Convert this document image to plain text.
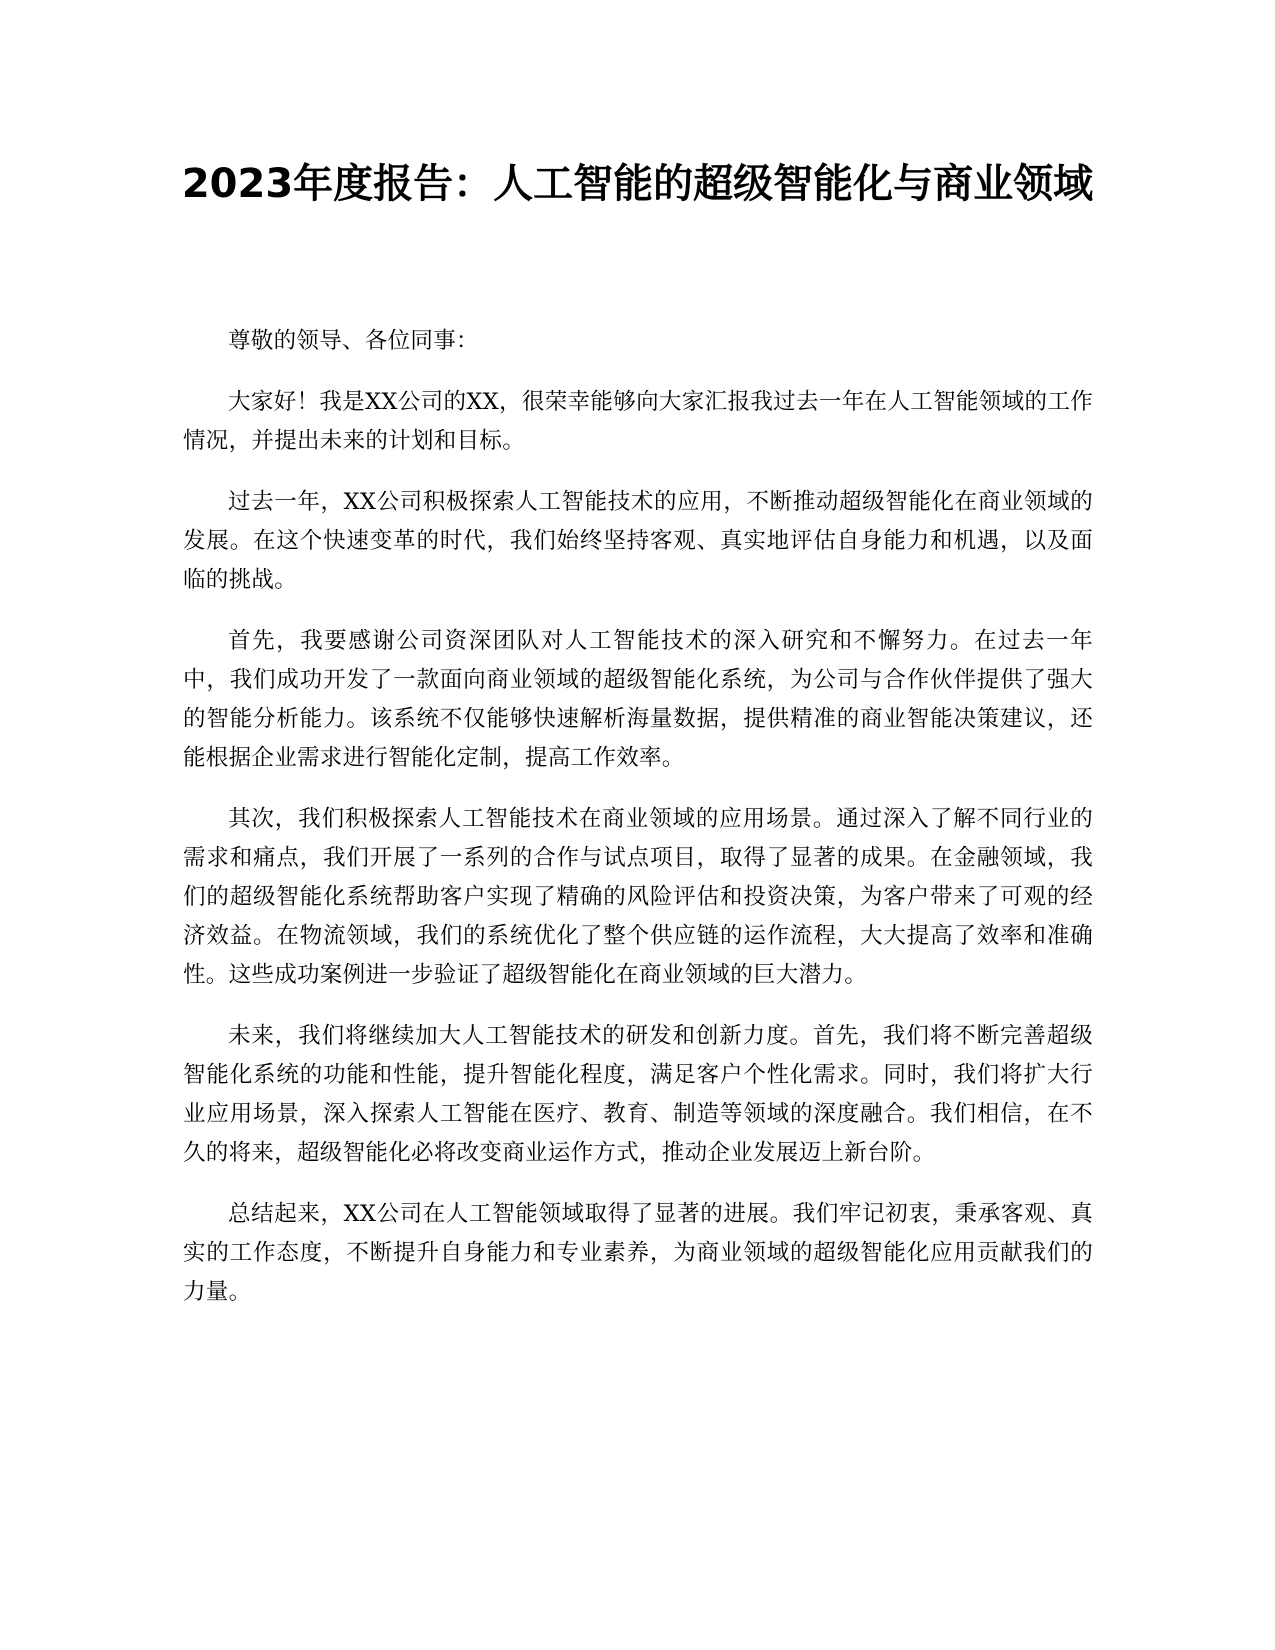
2023年度报告：人工智能的超级智能化与商业领域

尊敬的领导、各位同事：

大家好！我是XX公司的XX，很荣幸能够向大家汇报我过去一年在人工智能领域的工作情况，并提出未来的计划和目标。

过去一年，XX公司积极探索人工智能技术的应用，不断推动超级智能化在商业领域的发展。在这个快速变革的时代，我们始终坚持客观、真实地评估自身能力和机遇，以及面临的挑战。

首先，我要感谢公司资深团队对人工智能技术的深入研究和不懈努力。在过去一年中，我们成功开发了一款面向商业领域的超级智能化系统，为公司与合作伙伴提供了强大的智能分析能力。该系统不仅能够快速解析海量数据，提供精准的商业智能决策建议，还能根据企业需求进行智能化定制，提高工作效率。

其次，我们积极探索人工智能技术在商业领域的应用场景。通过深入了解不同行业的需求和痛点，我们开展了一系列的合作与试点项目，取得了显著的成果。在金融领域，我们的超级智能化系统帮助客户实现了精确的风险评估和投资决策，为客户带来了可观的经济效益。在物流领域，我们的系统优化了整个供应链的运作流程，大大提高了效率和准确性。这些成功案例进一步验证了超级智能化在商业领域的巨大潜力。

未来，我们将继续加大人工智能技术的研发和创新力度。首先，我们将不断完善超级智能化系统的功能和性能，提升智能化程度，满足客户个性化需求。同时，我们将扩大行业应用场景，深入探索人工智能在医疗、教育、制造等领域的深度融合。我们相信，在不久的将来，超级智能化必将改变商业运作方式，推动企业发展迈上新台阶。

总结起来，XX公司在人工智能领域取得了显著的进展。我们牢记初衷，秉承客观、真实的工作态度，不断提升自身能力和专业素养，为商业领域的超级智能化应用贡献我们的力量。
